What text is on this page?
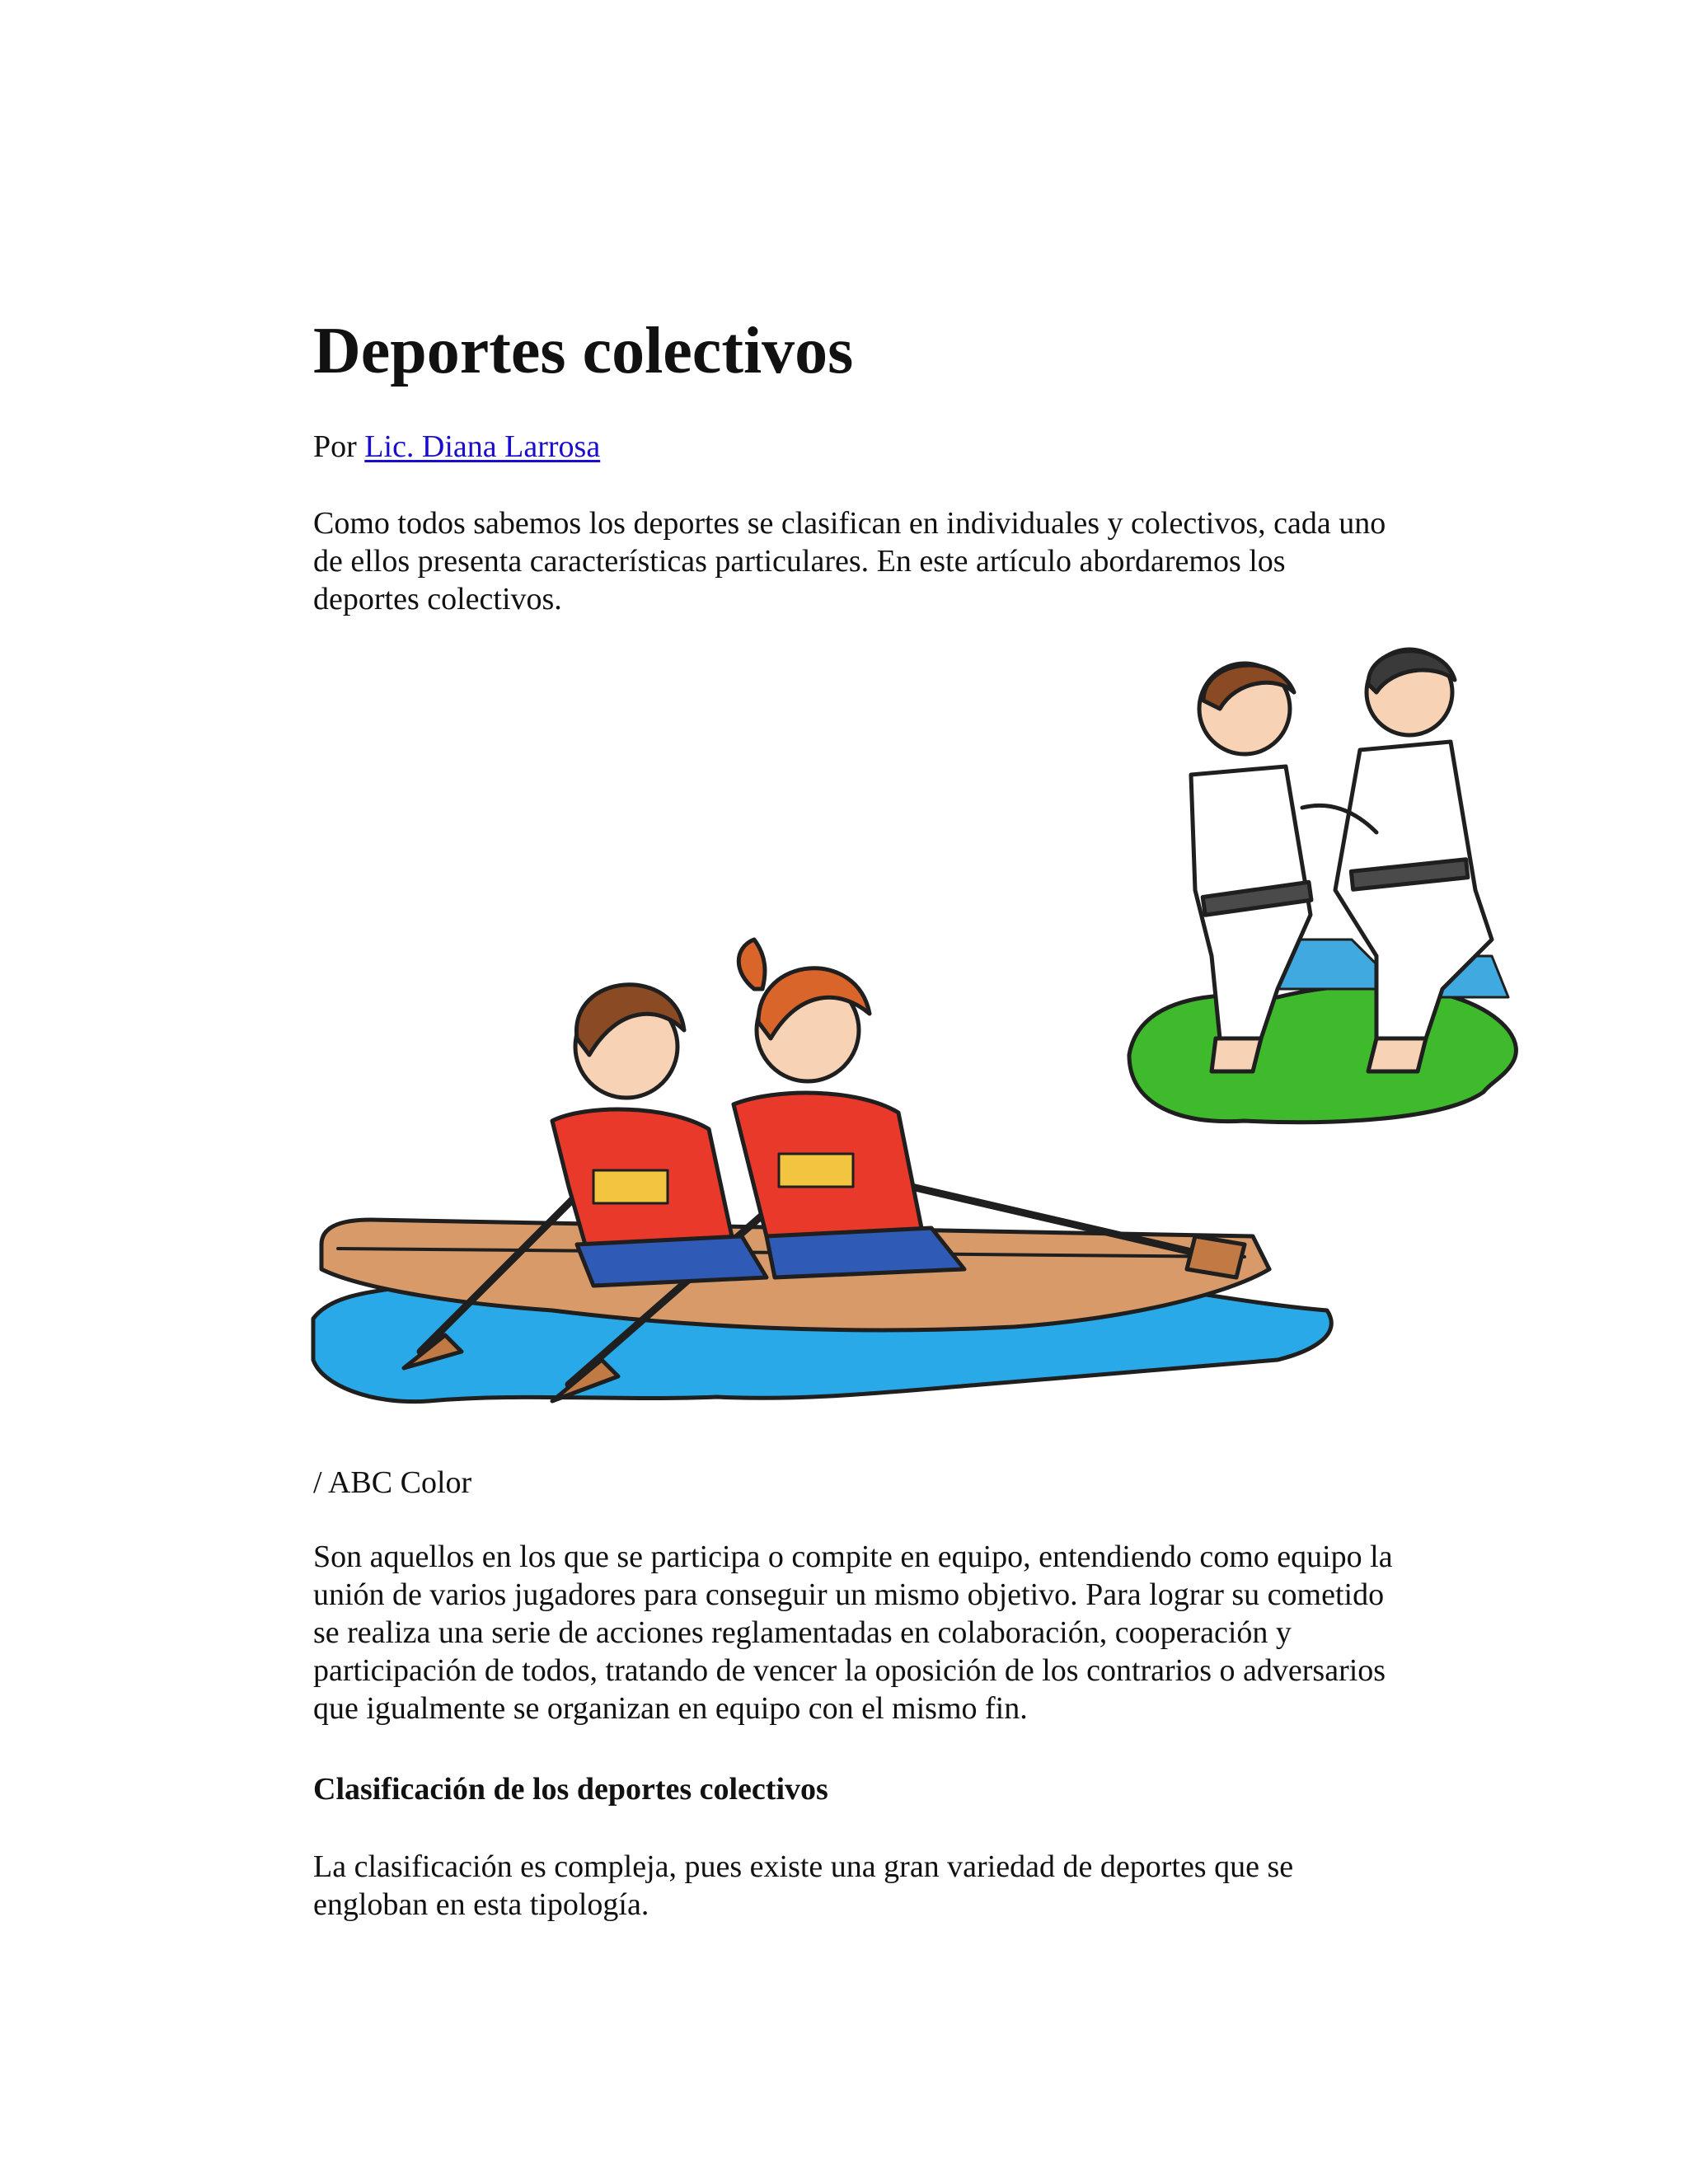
Deportes colectivos
Por Lic. Diana Larrosa

Como todos sabemos los deportes se clasifican en individuales y colectivos, cada uno
de ellos presenta características particulares. En este artículo abordaremos los
deportes colectivos.

/ ABC Color

Son aquellos en los que se participa o compite en equipo, entendiendo como equipo la
unión de varios jugadores para conseguir un mismo objetivo. Para lograr su cometido
se realiza una serie de acciones reglamentadas en colaboración, cooperación y
participación de todos, tratando de vencer la oposición de los contrarios o adversarios
que igualmente se organizan en equipo con el mismo fin.

Clasificación de los deportes colectivos

La clasificación es compleja, pues existe una gran variedad de deportes que se
engloban en esta tipología.
